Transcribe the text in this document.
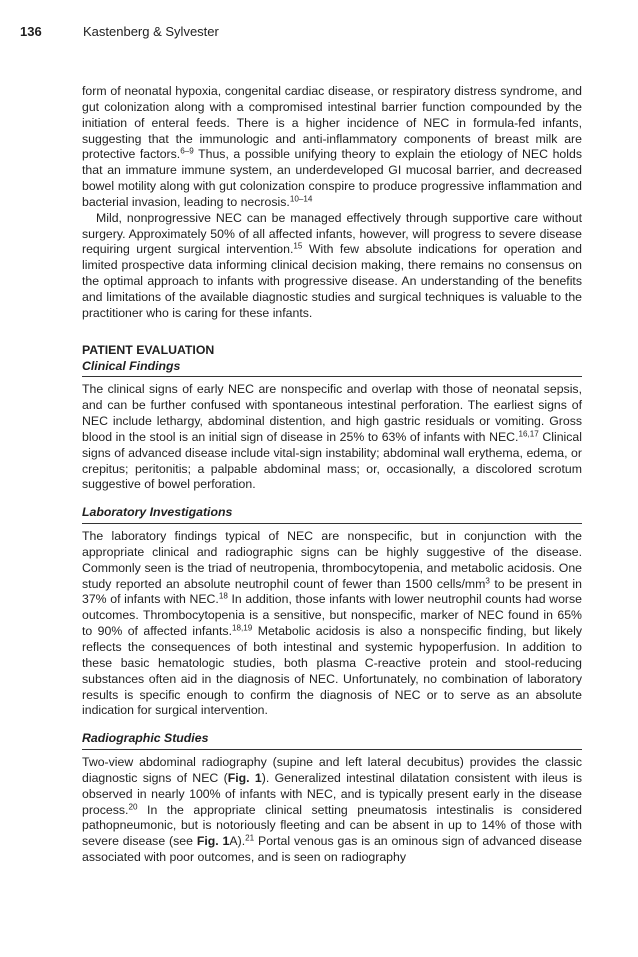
136	Kastenberg & Sylvester

form of neonatal hypoxia, congenital cardiac disease, or respiratory distress syndrome, and gut colonization along with a compromised intestinal barrier function compounded by the initiation of enteral feeds. There is a higher incidence of NEC in formula-fed infants, suggesting that the immunologic and anti-inflammatory components of breast milk are protective factors.$^{6-9}$ Thus, a possible unifying theory to explain the etiology of NEC holds that an immature immune system, an underdeveloped GI mucosal barrier, and decreased bowel motility along with gut colonization conspire to produce progressive inflammation and bacterial invasion, leading to necrosis.$^{10-14}$

Mild, nonprogressive NEC can be managed effectively through supportive care without surgery. Approximately 50% of all affected infants, however, will progress to severe disease requiring urgent surgical intervention.$^{15}$ With few absolute indications for operation and limited prospective data informing clinical decision making, there remains no consensus on the optimal approach to infants with progressive disease. An understanding of the benefits and limitations of the available diagnostic studies and surgical techniques is valuable to the practitioner who is caring for these infants.

PATIENT EVALUATION
Clinical Findings

The clinical signs of early NEC are nonspecific and overlap with those of neonatal sepsis, and can be further confused with spontaneous intestinal perforation. The earliest signs of NEC include lethargy, abdominal distention, and high gastric residuals or vomiting. Gross blood in the stool is an initial sign of disease in 25% to 63% of infants with NEC.$^{16,17}$ Clinical signs of advanced disease include vital-sign instability; abdominal wall erythema, edema, or crepitus; peritonitis; a palpable abdominal mass; or, occasionally, a discolored scrotum suggestive of bowel perforation.

Laboratory Investigations

The laboratory findings typical of NEC are nonspecific, but in conjunction with the appropriate clinical and radiographic signs can be highly suggestive of the disease. Commonly seen is the triad of neutropenia, thrombocytopenia, and metabolic acidosis. One study reported an absolute neutrophil count of fewer than 1500 cells/$mm^3$ to be present in 37% of infants with NEC.$^{18}$ In addition, those infants with lower neutrophil counts had worse outcomes. Thrombocytopenia is a sensitive, but nonspecific, marker of NEC found in 65% to 90% of affected infants.$^{18,19}$ Metabolic acidosis is also a nonspecific finding, but likely reflects the consequences of both intestinal and systemic hypoperfusion. In addition to these basic hematologic studies, both plasma C-reactive protein and stool-reducing substances often aid in the diagnosis of NEC. Unfortunately, no combination of laboratory results is specific enough to confirm the diagnosis of NEC or to serve as an absolute indication for surgical intervention.

Radiographic Studies

Two-view abdominal radiography (supine and left lateral decubitus) provides the classic diagnostic signs of NEC (Fig. 1). Generalized intestinal dilatation consistent with ileus is observed in nearly 100% of infants with NEC, and is typically present early in the disease process.$^{20}$ In the appropriate clinical setting pneumatosis intestinalis is considered pathopneumonic, but is notoriously fleeting and can be absent in up to 14% of those with severe disease (see Fig. 1A).$^{21}$ Portal venous gas is an ominous sign of advanced disease associated with poor outcomes, and is seen on radiography
